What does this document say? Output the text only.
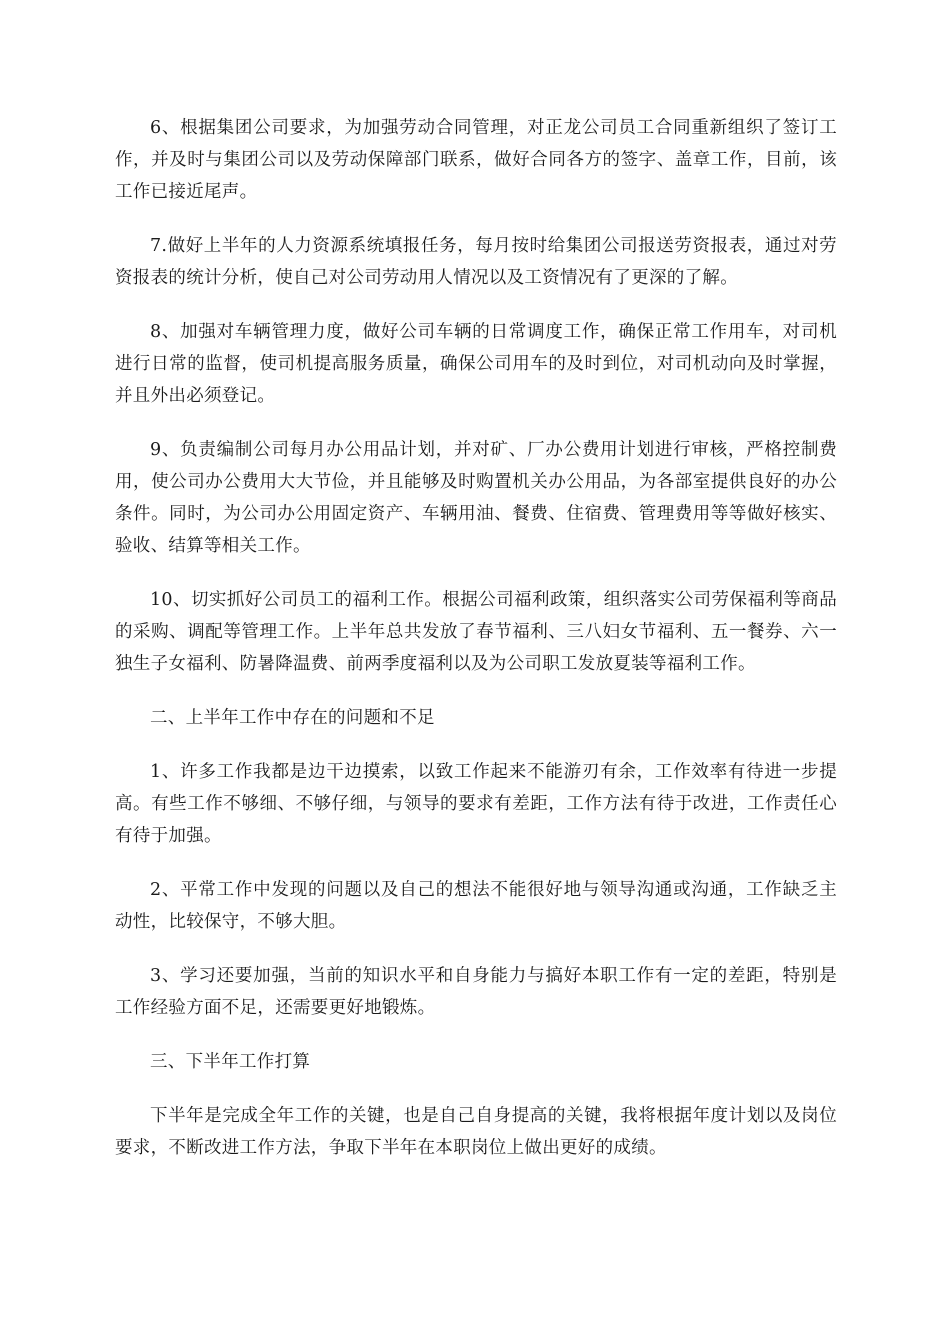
6、根据集团公司要求，为加强劳动合同管理，对正龙公司员工合同重新组织了签订工作，并及时与集团公司以及劳动保障部门联系，做好合同各方的签字、盖章工作，目前，该工作已接近尾声。

7.做好上半年的人力资源系统填报任务，每月按时给集团公司报送劳资报表，通过对劳资报表的统计分析，使自己对公司劳动用人情况以及工资情况有了更深的了解。

8、加强对车辆管理力度，做好公司车辆的日常调度工作，确保正常工作用车，对司机进行日常的监督，使司机提高服务质量，确保公司用车的及时到位，对司机动向及时掌握，并且外出必须登记。

9、负责编制公司每月办公用品计划，并对矿、厂办公费用计划进行审核，严格控制费用，使公司办公费用大大节俭，并且能够及时购置机关办公用品，为各部室提供良好的办公条件。同时，为公司办公用固定资产、车辆用油、餐费、住宿费、管理费用等等做好核实、验收、结算等相关工作。

10、切实抓好公司员工的福利工作。根据公司福利政策，组织落实公司劳保福利等商品的采购、调配等管理工作。上半年总共发放了春节福利、三八妇女节福利、五一餐券、六一独生子女福利、防暑降温费、前两季度福利以及为公司职工发放夏装等福利工作。

二、上半年工作中存在的问题和不足

1、许多工作我都是边干边摸索，以致工作起来不能游刃有余，工作效率有待进一步提高。有些工作不够细、不够仔细，与领导的要求有差距，工作方法有待于改进，工作责任心有待于加强。

2、平常工作中发现的问题以及自己的想法不能很好地与领导沟通或沟通，工作缺乏主动性，比较保守，不够大胆。

3、学习还要加强，当前的知识水平和自身能力与搞好本职工作有一定的差距，特别是工作经验方面不足，还需要更好地锻炼。

三、下半年工作打算

下半年是完成全年工作的关键，也是自己自身提高的关键，我将根据年度计划以及岗位要求，不断改进工作方法，争取下半年在本职岗位上做出更好的成绩。
